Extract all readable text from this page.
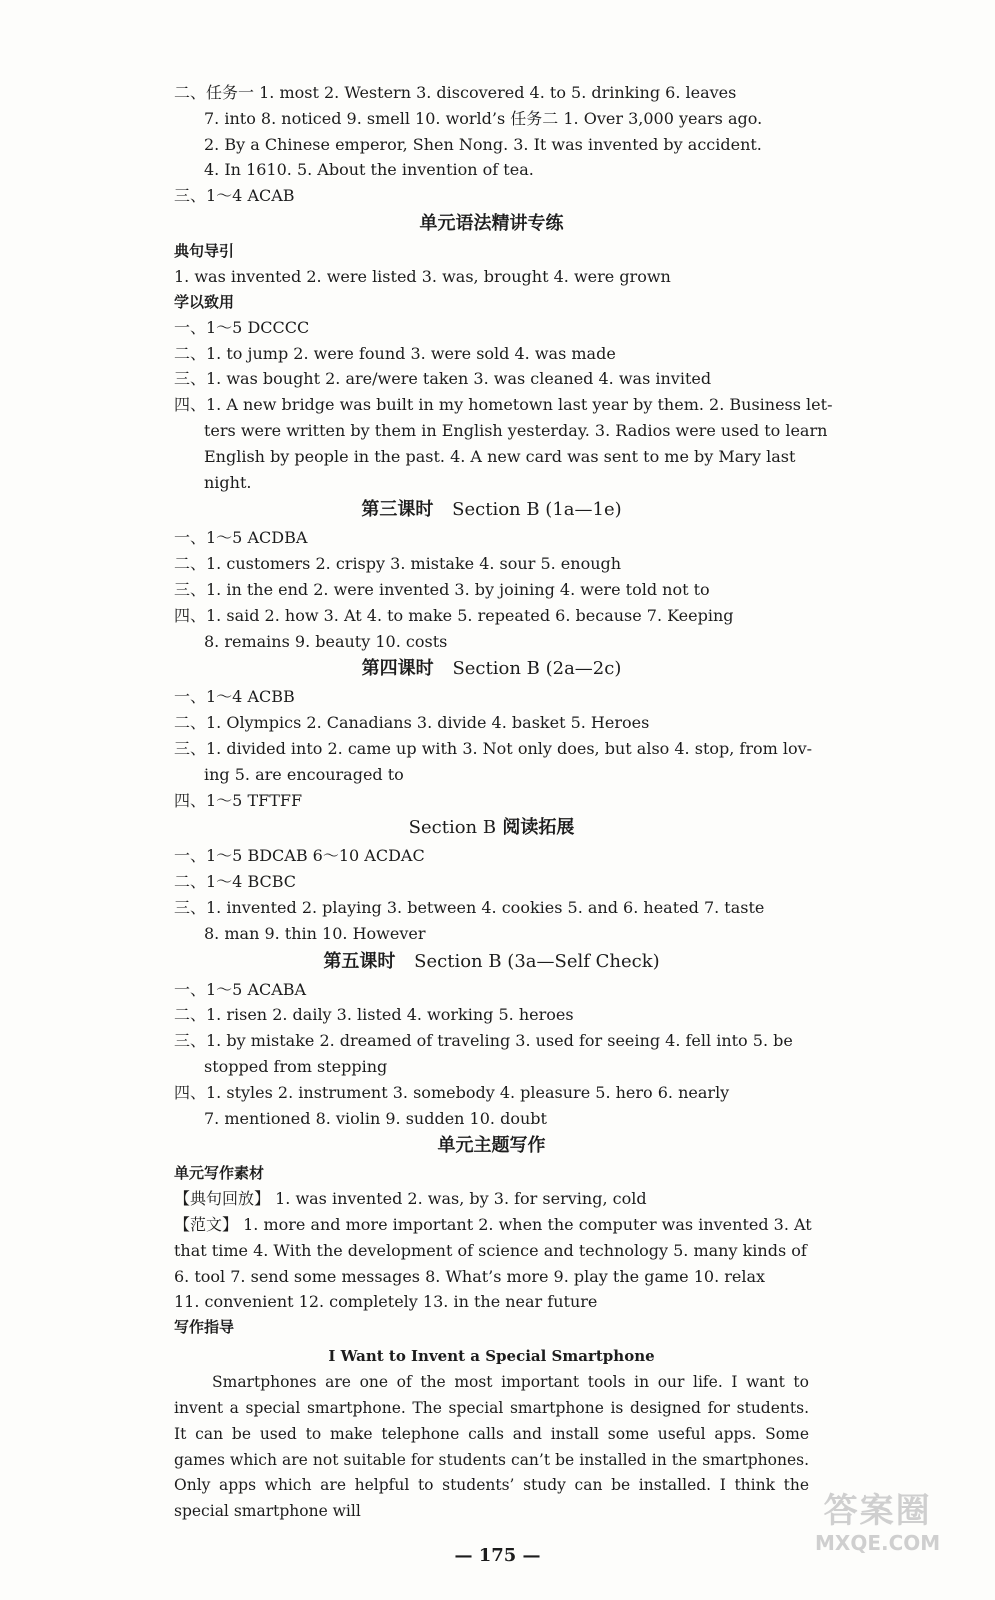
二、任务一 1. most 2. Western 3. discovered 4. to 5. drinking 6. leaves
7. into 8. noticed 9. smell 10. world’s 任务二 1. Over 3,000 years ago.
2. By a Chinese emperor, Shen Nong. 3. It was invented by accident.
4. In 1610. 5. About the invention of tea.
三、1～4 ACAB
单元语法精讲专练
典句导引
1. was invented 2. were listed 3. was, brought 4. were grown
学以致用
一、1～5 DCCCC
二、1. to jump 2. were found 3. were sold 4. was made
三、1. was bought 2. are/were taken 3. was cleaned 4. was invited
四、1. A new bridge was built in my hometown last year by them. 2. Business let-
ters were written by them in English yesterday. 3. Radios were used to learn
English by people in the past. 4. A new card was sent to me by Mary last
night.
第三课时 Section B (1a—1e)
一、1～5 ACDBA
二、1. customers 2. crispy 3. mistake 4. sour 5. enough
三、1. in the end 2. were invented 3. by joining 4. were told not to
四、1. said 2. how 3. At 4. to make 5. repeated 6. because 7. Keeping
8. remains 9. beauty 10. costs
第四课时 Section B (2a—2c)
一、1～4 ACBB
二、1. Olympics 2. Canadians 3. divide 4. basket 5. Heroes
三、1. divided into 2. came up with 3. Not only does, but also 4. stop, from lov-
ing 5. are encouraged to
四、1～5 TFTFF
Section B 阅读拓展
一、1～5 BDCAB 6～10 ACDAC
二、1～4 BCBC
三、1. invented 2. playing 3. between 4. cookies 5. and 6. heated 7. taste
8. man 9. thin 10. However
第五课时 Section B (3a—Self Check)
一、1～5 ACABA
二、1. risen 2. daily 3. listed 4. working 5. heroes
三、1. by mistake 2. dreamed of traveling 3. used for seeing 4. fell into 5. be
stopped from stepping
四、1. styles 2. instrument 3. somebody 4. pleasure 5. hero 6. nearly
7. mentioned 8. violin 9. sudden 10. doubt
单元主题写作
单元写作素材
【典句回放】 1. was invented 2. was, by 3. for serving, cold
【范文】 1. more and more important 2. when the computer was invented 3. At
that time 4. With the development of science and technology 5. many kinds of
6. tool 7. send some messages 8. What’s more 9. play the game 10. relax
11. convenient 12. completely 13. in the near future
写作指导
I Want to Invent a Special Smartphone
Smartphones are one of the most important tools in our life. I want to invent a special smartphone. The special smartphone is designed for students. It can be used to make telephone calls and install some useful apps. Some games which are not suitable for students can’t be installed in the smartphones. Only apps which are helpful to students’ study can be installed. I think the special smartphone will
— 175 —
答案圈
MXQE.COM
